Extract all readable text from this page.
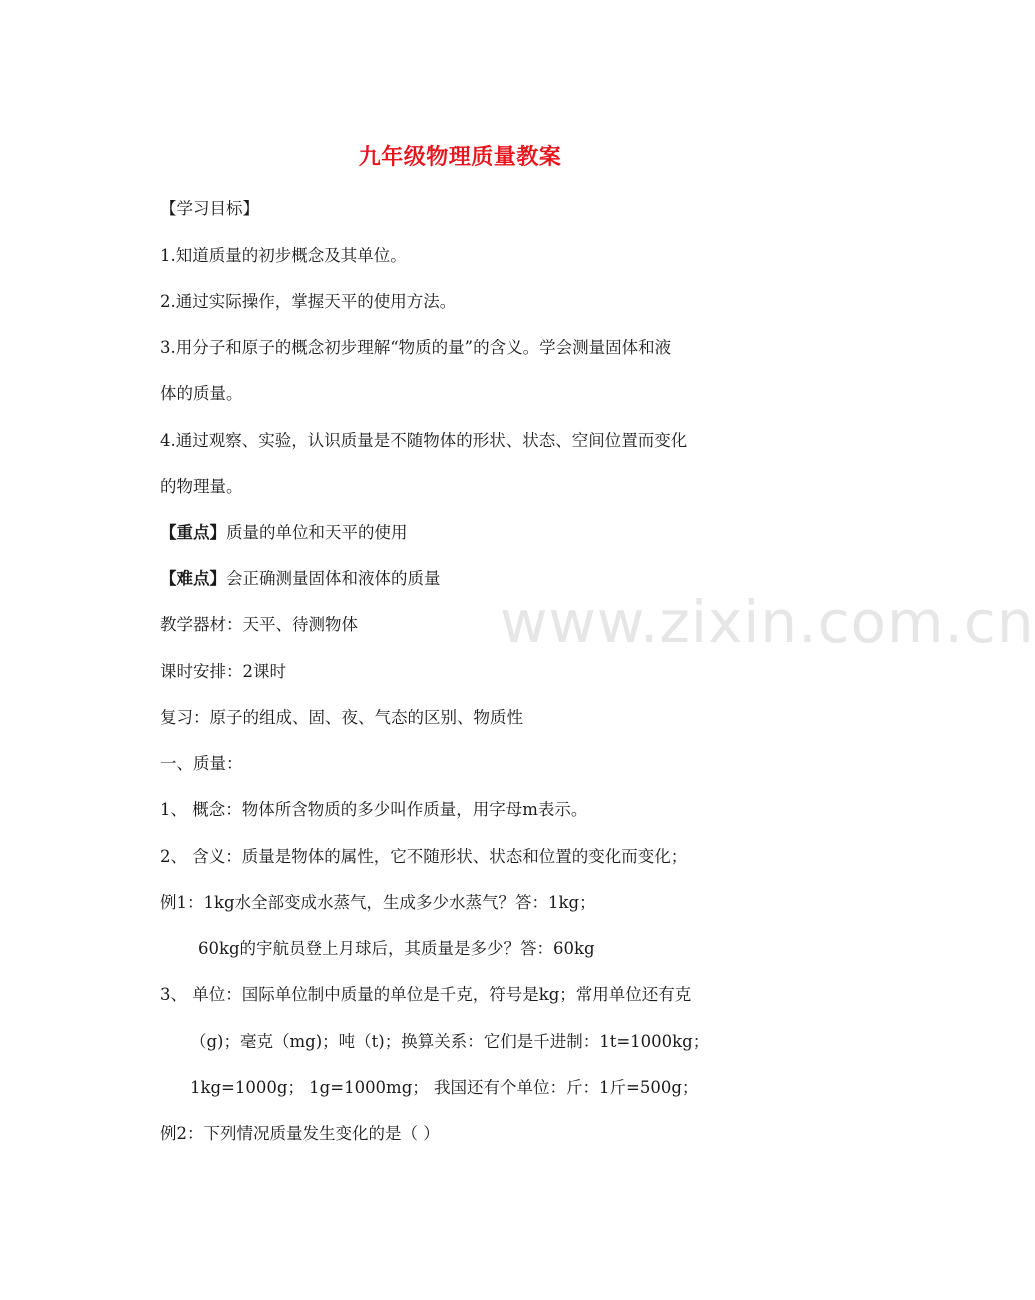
九年级物理质量教案
【学习目标】
1.知道质量的初步概念及其单位。
2.通过实际操作，掌握天平的使用方法。
3.用分子和原子的概念初步理解“物质的量”的含义。学会测量固体和液
体的质量。
4.通过观察、实验，认识质量是不随物体的形状、状态、空间位置而变化
的物理量。
【重点】质量的单位和天平的使用
【难点】会正确测量固体和液体的质量
教学器材：天平、待测物体
课时安排：2课时
复习：原子的组成、固、夜、气态的区别、物质性
一、质量：
1、 概念：物体所含物质的多少叫作质量，用字母m表示。
2、 含义：质量是物体的属性，它不随形状、状态和位置的变化而变化；
例1：1kg水全部变成水蒸气，生成多少水蒸气？答：1kg；
60kg的宇航员登上月球后，其质量是多少？答：60kg
3、 单位：国际单位制中质量的单位是千克，符号是kg；常用单位还有克
（g)；毫克（mg)；吨（t)；换算关系：它们是千进制：1t=1000kg；
1kg=1000g； 1g=1000mg； 我国还有个单位：斤：1斤=500g；
例2：下列情况质量发生变化的是（ ）
www.zixin.com.cn
